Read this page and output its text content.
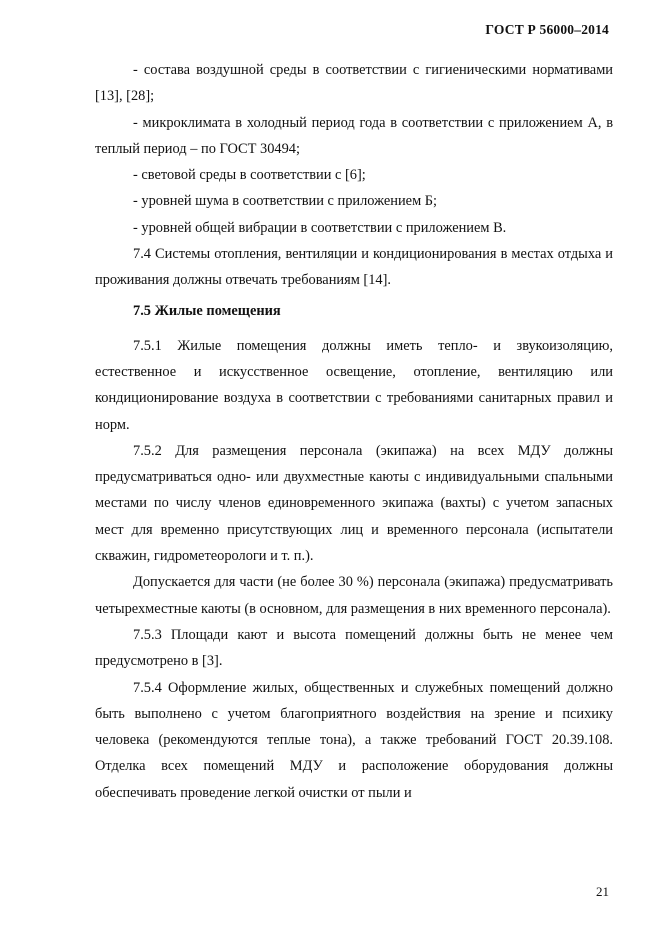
ГОСТ Р 56000–2014

- состава воздушной среды в соответствии с гигиеническими нормативами [13], [28];

- микроклимата в холодный период года в соответствии с приложением А, в теплый период – по ГОСТ 30494;

- световой среды в соответствии с [6];

- уровней шума в соответствии с приложением Б;

- уровней общей вибрации в соответствии с приложением В.

7.4 Системы отопления, вентиляции и кондиционирования в местах отдыха и проживания должны отвечать требованиям [14].

7.5 Жилые помещения

7.5.1 Жилые помещения должны иметь тепло- и звукоизоляцию, естественное и искусственное освещение, отопление, вентиляцию или кондиционирование воздуха в соответствии с требованиями санитарных правил и норм.

7.5.2 Для размещения персонала (экипажа) на всех МДУ должны предусматриваться одно- или двухместные каюты с индивидуальными спальными местами по числу членов единовременного экипажа (вахты) с учетом запасных мест для временно присутствующих лиц и временного персонала (испытатели скважин, гидрометеорологи и т. п.).

Допускается для части (не более 30 %) персонала (экипажа) предусматривать четырехместные каюты (в основном, для размещения в них временного персонала).

7.5.3 Площади кают и высота помещений должны быть не менее чем предусмотрено в [3].

7.5.4 Оформление жилых, общественных и служебных помещений должно быть выполнено с учетом благоприятного воздействия на зрение и психику человека (рекомендуются теплые тона), а также требований ГОСТ 20.39.108. Отделка всех помещений МДУ и расположение оборудования должны обеспечивать проведение легкой очистки от пыли и

21
